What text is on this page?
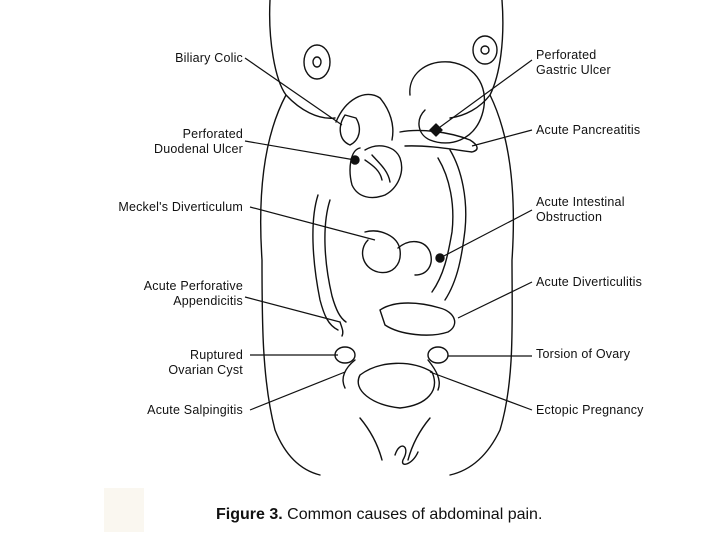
Biliary Colic
Perforated
Duodenal Ulcer
Meckel's Diverticulum
Acute Perforative
Appendicitis
Ruptured
Ovarian Cyst
Acute Salpingitis
Perforated
Gastric Ulcer
Acute Pancreatitis
Acute Intestinal
Obstruction
Acute Diverticulitis
Torsion of Ovary
Ectopic Pregnancy
Figure 3. Common causes of abdominal pain.
